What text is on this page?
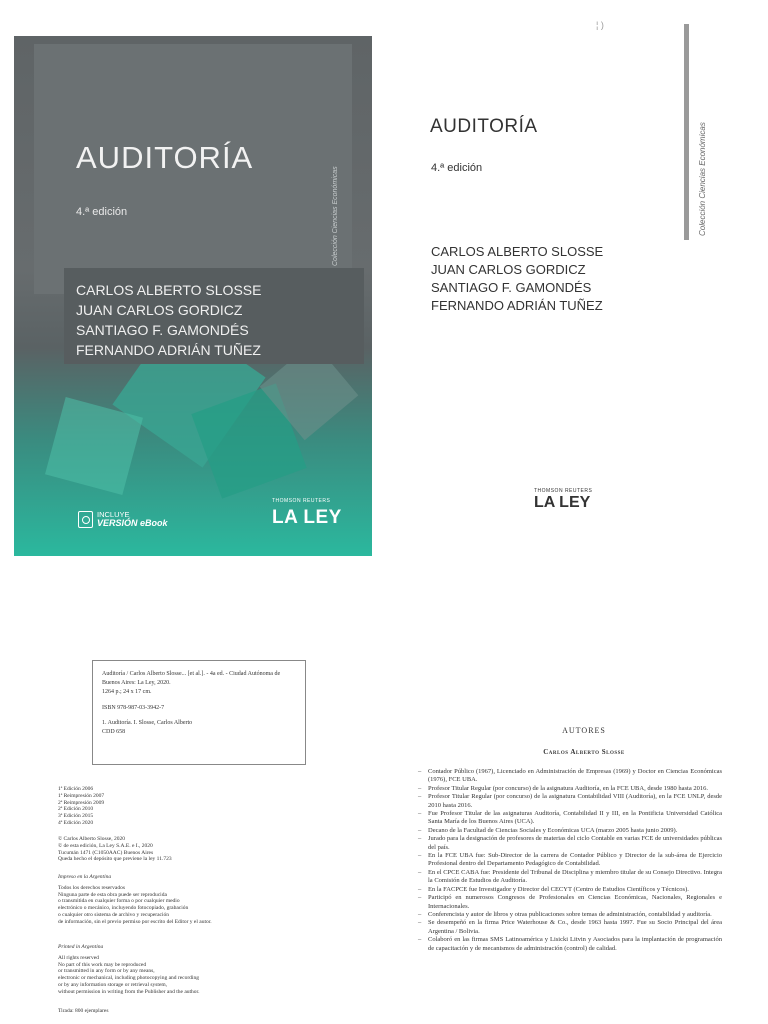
AUDITORÍA
4.ª edición	Colección Ciencias Económicas
CARLOS ALBERTO SLOSSE
JUAN CARLOS GORDICZ
SANTIAGO F. GAMONDÉS
FERNANDO ADRIÁN TUÑEZ
INCLUYE
VERSIÓN eBook
THOMSON REUTERS
LA LEY
¦ )
Colección Ciencias Económicas
AUDITORÍA
4.ª edición
CARLOS ALBERTO SLOSSE
JUAN CARLOS GORDICZ
SANTIAGO F. GAMONDÉS
FERNANDO ADRIÁN TUÑEZ
THOMSON REUTERS
LA LEY

Auditoría / Carlos Alberto Slosse... [et al.]. - 4a ed. - Ciudad Autónoma de Buenos Aires: La Ley, 2020.

1264 p.; 24 x 17 cm.

ISBN 978-987-03-3942-7

1. Auditoría. I. Slosse, Carlos Alberto

CDD 658

1ª Edición 2006
1ª Reimpresión 2007
2ª Reimpresión 2009
2ª Edición 2010
3ª Edición 2015
4ª Edición 2020
© Carlos Alberto Slosse, 2020
© de esta edición, La Ley S.A.E. e I., 2020
Tucumán 1471 (C1050AAC) Buenos Aires
Queda hecho el depósito que previene la ley 11.723
Impreso en la Argentina
Todos los derechos reservados
Ninguna parte de esta obra puede ser reproducida
o transmitida en cualquier forma o por cualquier medio
electrónico o mecánico, incluyendo fotocopiado, grabación
o cualquier otro sistema de archivo y recuperación
de información, sin el previo permiso por escrito del Editor y el autor.
Printed in Argentina
All rights reserved
No part of this work may be reproduced
or transmitted in any form or by any means,
electronic or mechanical, including photocopying and recording
or by any information storage or retrieval system,
without permission in writing from the Publisher and the author.
Tirada: 800 ejemplares
AUTORES
Carlos Alberto Slosse
– Contador Público (1967), Licenciado en Administración de Empresas (1969) y Doctor en Ciencias Económicas (1976), FCE UBA.
– Profesor Titular Regular (por concurso) de la asignatura Auditoría, en la FCE UBA, desde 1980 hasta 2016.
– Profesor Titular Regular (por concurso) de la asignatura Contabilidad VIII (Auditoría), en la FCE UNLP, desde 2010 hasta 2016.
– Fue Profesor Titular de las asignaturas Auditoría, Contabilidad II y III, en la Pontificia Universidad Católica Santa María de los Buenos Aires (UCA).
– Decano de la Facultad de Ciencias Sociales y Económicas UCA (marzo 2005 hasta junio 2009).
– Jurado para la designación de profesores de materias del ciclo Contable en varias FCE de universidades públicas del país.
– En la FCE UBA fue: Sub-Director de la carrera de Contador Público y Director de la sub-área de Ejercicio Profesional dentro del Departamento Pedagógico de Contabilidad.
– En el CPCE CABA fue: Presidente del Tribunal de Disciplina y miembro titular de su Consejo Directivo. Integra la Comisión de Estudios de Auditoría.
– En la FACPCE fue Investigador y Director del CECYT (Centro de Estudios Científicos y Técnicos).
– Participó en numerosos Congresos de Profesionales en Ciencias Económicas, Nacionales, Regionales e Internacionales.
– Conferencista y autor de libros y otras publicaciones sobre temas de administración, contabilidad y auditoría.
– Se desempeñó en la firma Price Waterhouse & Co., desde 1963 hasta 1997. Fue su Socio Principal del área Argentina / Bolivia.
– Colaboró en las firmas SMS Latinoamérica y Lisicki Litvin y Asociados para la implantación de programación de capacitación y de mecanismos de administración (control) de calidad.
